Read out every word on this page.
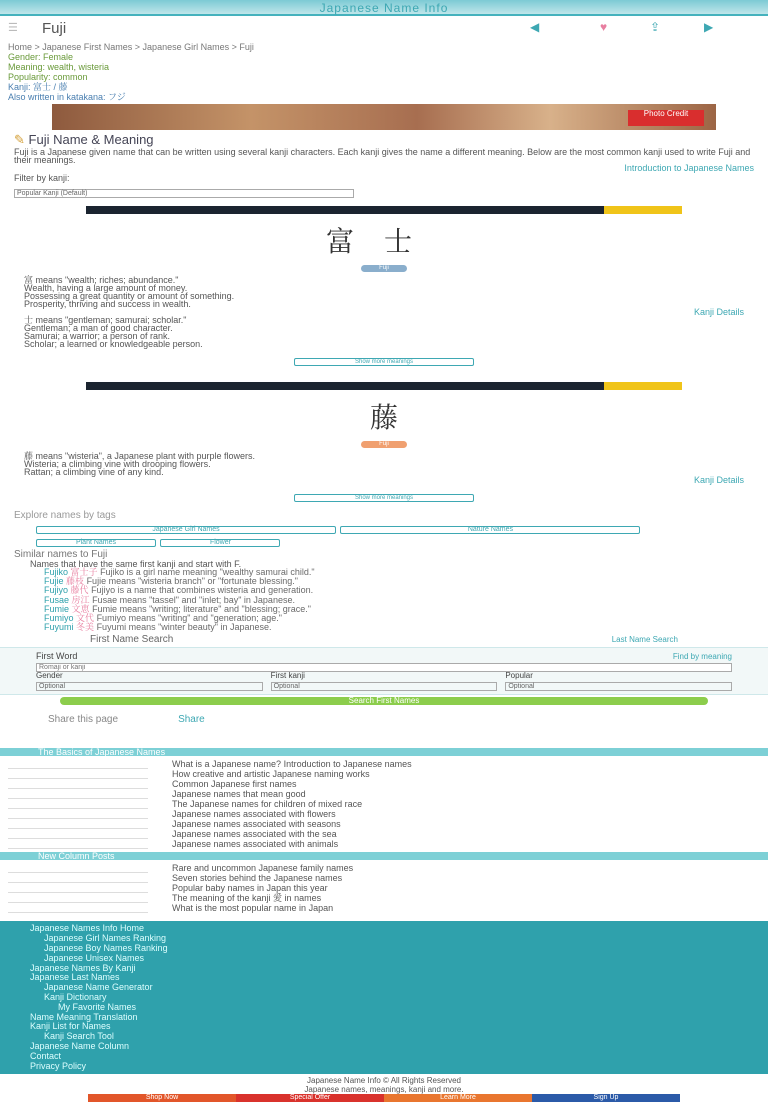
Japanese Name Info
☰ Fuji	◀	♥	⇪	▶
Home > Japanese First Names > Japanese Girl Names > Fuji
Gender: Female
Meaning: wealth, wisteria
Popularity: common
Kanji: 富士 / 藤
Also written in katakana: フジ
Photo Credit
✎ Fuji Name & Meaning
Fuji is a Japanese given name that can be written using several kanji characters. Each kanji gives the name a different meaning. Below are the most common kanji used to write Fuji and their meanings.
Introduction to Japanese Names
Filter by kanji:
Popular Kanji (Default)
富士
Fuji
富 means "wealth; riches; abundance."
Wealth, having a large amount of money.
Possessing a great quantity or amount of something.
Prosperity, thriving and success in wealth.
Kanji Details
士 means "gentleman; samurai; scholar."
Gentleman; a man of good character.
Samurai; a warrior; a person of rank.
Scholar; a learned or knowledgeable person.
Show more meanings
藤
Fuji
藤 means "wisteria", a Japanese plant with purple flowers.
Wisteria; a climbing vine with drooping flowers.
Rattan; a climbing vine of any kind.
Kanji Details
Show more meanings
Explore names by tags
Japanese Girl Names	Nature Names Plant Names	Flower
Similar names to Fuji
Names that have the same first kanji and start with F.
Fujiko 富士子 Fujiko is a girl name meaning "wealthy samurai child."
Fujie 藤枝 Fujie means "wisteria branch" or "fortunate blessing."
Fujiyo 藤代 Fujiyo is a name that combines wisteria and generation.
Fusae 房江 Fusae means "tassel" and "inlet; bay" in Japanese.
Fumie 文恵 Fumie means "writing; literature" and "blessing; grace."
Fumiyo 文代 Fumiyo means "writing" and "generation; age."
Fuyumi 冬美 Fuyumi means "winter beauty" in Japanese.
First Name Search	Last Name Search
First Word	Find by meaning
Romaji or kanji
Gender
Optional
First kanji
Optional
Popular
Optional
Search First Names
Share this page	Share
The Basics of Japanese Names
What is a Japanese name? Introduction to Japanese names
How creative and artistic Japanese naming works
Common Japanese first names
Japanese names that mean good
The Japanese names for children of mixed race
Japanese names associated with flowers
Japanese names associated with seasons
Japanese names associated with the sea
Japanese names associated with animals
New Column Posts
Rare and uncommon Japanese family names
Seven stories behind the Japanese names
Popular baby names in Japan this year
The meaning of the kanji 愛 in names
What is the most popular name in Japan
Japanese Names Info Home
Japanese Girl Names Ranking
Japanese Boy Names Ranking
Japanese Unisex Names
Japanese Names By Kanji
Japanese Last Names
Japanese Name Generator
Kanji Dictionary
My Favorite Names
Name Meaning Translation
Kanji List for Names
Kanji Search Tool
Japanese Name Column
Contact
Privacy Policy
Japanese Name Info © All Rights Reserved
Japanese names, meanings, kanji and more.
Shop Now	Special Offer	Learn More	Sign Up
